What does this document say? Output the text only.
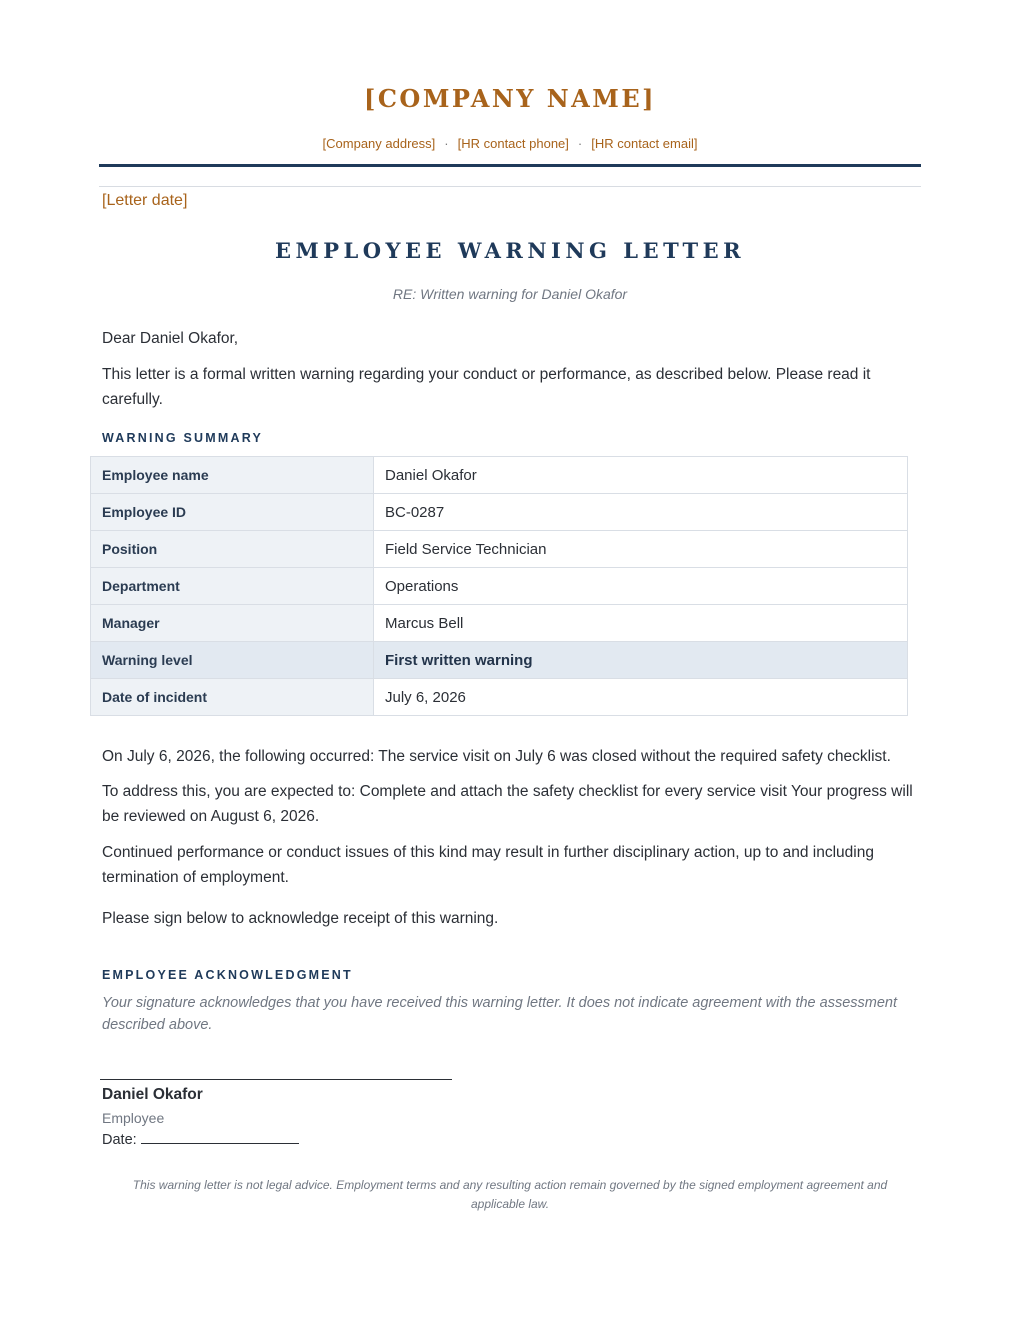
[COMPANY NAME]
[Company address] · [HR contact phone] · [HR contact email]
[Letter date]
EMPLOYEE WARNING LETTER
RE: Written warning for Daniel Okafor
Dear Daniel Okafor,
This letter is a formal written warning regarding your conduct or performance, as described below. Please read it carefully.
WARNING SUMMARY
Employee name	Daniel Okafor
Employee ID	BC-0287
Position	Field Service Technician
Department	Operations
Manager	Marcus Bell
Warning level	First written warning
Date of incident	July 6, 2026
On July 6, 2026, the following occurred: The service visit on July 6 was closed without the required safety checklist.
To address this, you are expected to: Complete and attach the safety checklist for every service visit Your progress will be reviewed on August 6, 2026.
Continued performance or conduct issues of this kind may result in further disciplinary action, up to and including termination of employment.
Please sign below to acknowledge receipt of this warning.
EMPLOYEE ACKNOWLEDGMENT
Your signature acknowledges that you have received this warning letter. It does not indicate agreement with the assessment described above.
Daniel Okafor
Employee
Date:
This warning letter is not legal advice. Employment terms and any resulting action remain governed by the signed employment agreement and applicable law.
